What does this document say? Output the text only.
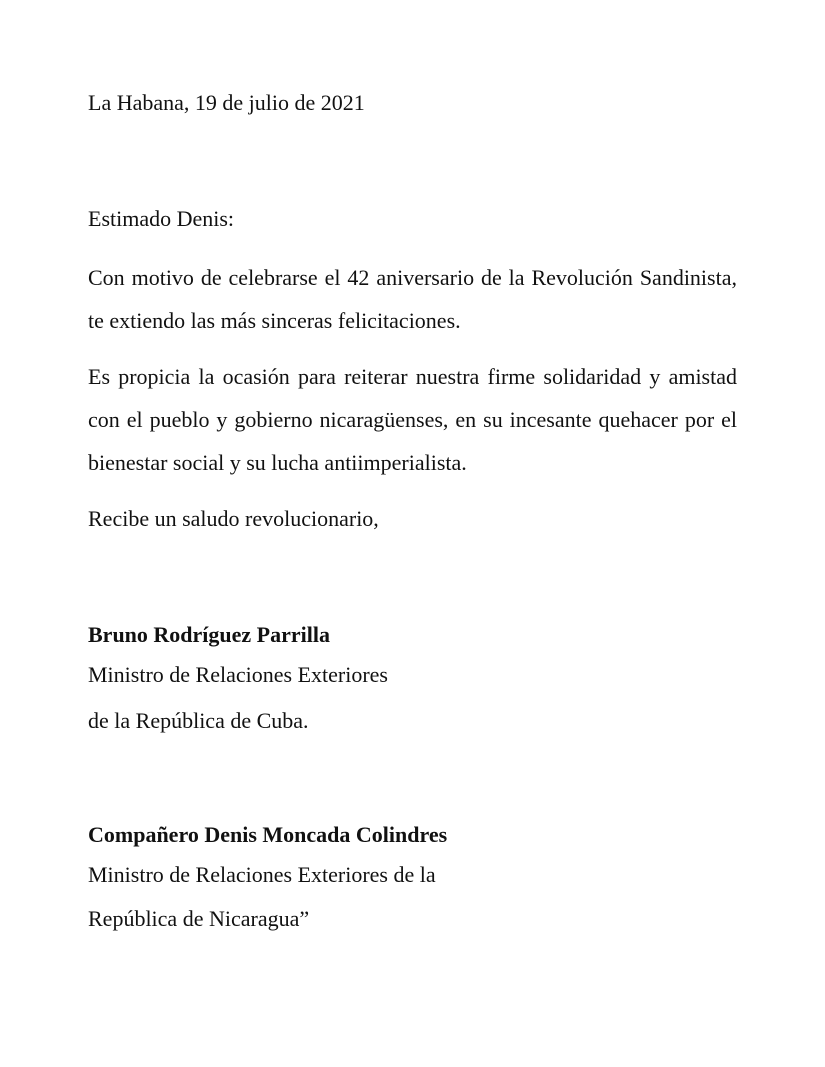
La Habana, 19 de julio de 2021
Estimado Denis:
Con motivo de celebrarse el 42 aniversario de la Revolución Sandinista, te extiendo las más sinceras felicitaciones.
Es propicia la ocasión para reiterar nuestra firme solidaridad y amistad con el pueblo y gobierno nicaragüenses, en su incesante quehacer por el bienestar social y su lucha antiimperialista.
Recibe un saludo revolucionario,
Bruno Rodríguez Parrilla
Ministro de Relaciones Exteriores
de la República de Cuba.
Compañero Denis Moncada Colindres
Ministro de Relaciones Exteriores de la
República de Nicaragua”
